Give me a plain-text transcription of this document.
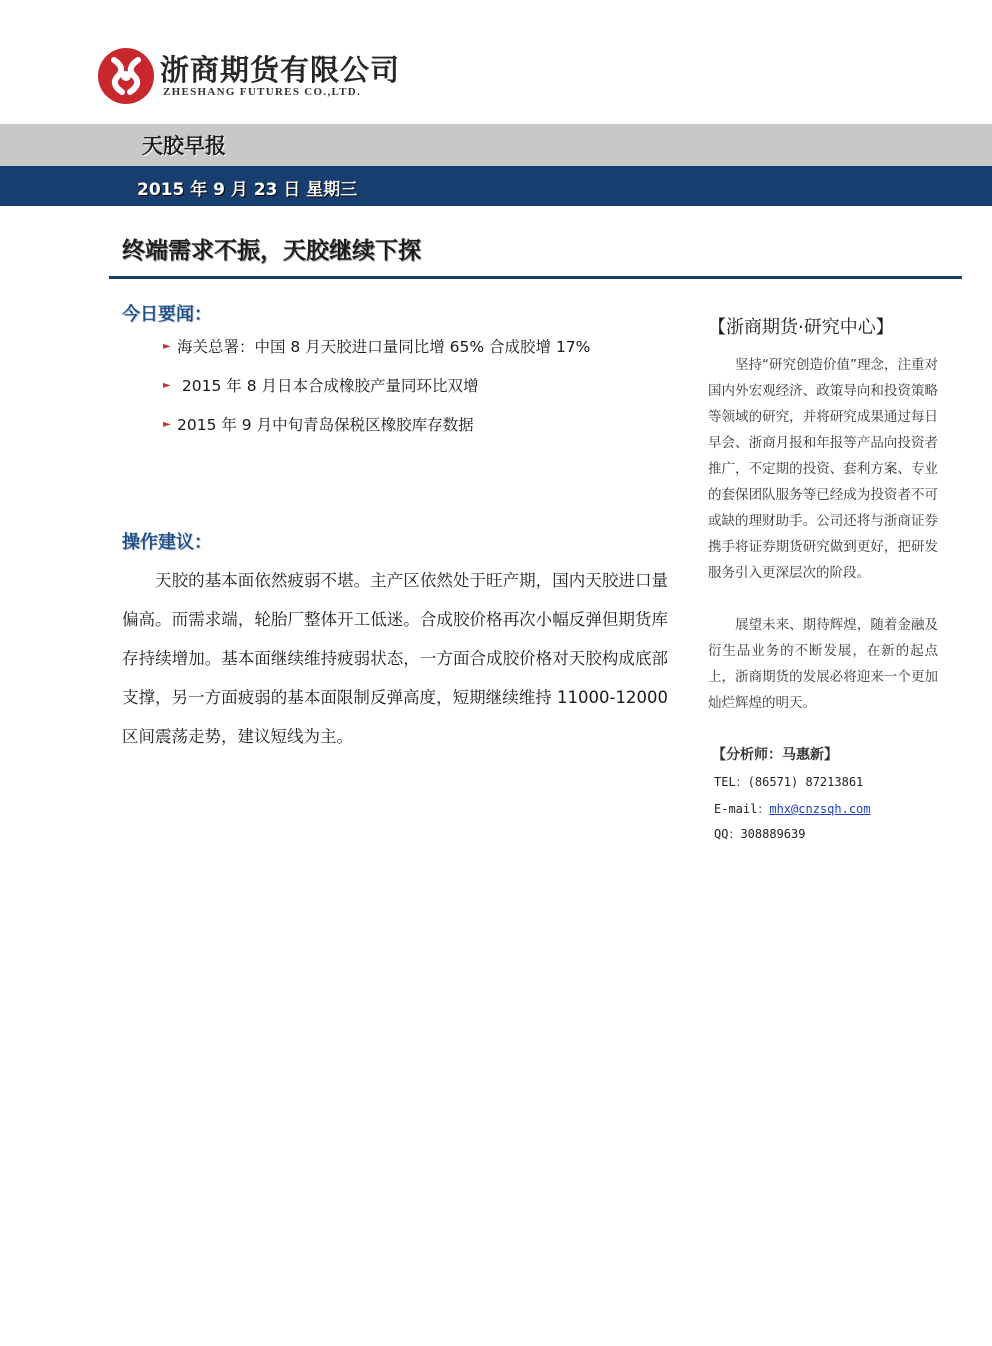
浙商期货有限公司
ZHESHANG FUTURES CO.,LTD.
天胶早报
2015 年 9 月 23 日 星期三
终端需求不振，天胶继续下探
今日要闻：
► 海关总署：中国 8 月天胶进口量同比增 65% 合成胶增 17%
► 2015 年 8 月日本合成橡胶产量同环比双增
► 2015 年 9 月中旬青岛保税区橡胶库存数据
操作建议：
天胶的基本面依然疲弱不堪。主产区依然处于旺产期，国内天胶进口量偏高。而需求端，轮胎厂整体开工低迷。合成胶价格再次小幅反弹但期货库存持续增加。基本面继续维持疲弱状态，一方面合成胶价格对天胶构成底部支撑，另一方面疲弱的基本面限制反弹高度，短期继续维持 11000-12000 区间震荡走势，建议短线为主。
【浙商期货·研究中心】
坚持“研究创造价值”理念，注重对国内外宏观经济、政策导向和投资策略等领域的研究，并将研究成果通过每日早会、浙商月报和年报等产品向投资者推广，不定期的投资、套利方案、专业的套保团队服务等已经成为投资者不可或缺的理财助手。公司还将与浙商证券携手将证券期货研究做到更好，把研发服务引入更深层次的阶段。
展望未来、期待辉煌，随着金融及衍生品业务的不断发展，在新的起点上，浙商期货的发展必将迎来一个更加灿烂辉煌的明天。
【分析师：马惠新】
TEL：(86571) 87213861
E-mail：mhx@cnzsqh.com
QQ：308889639
